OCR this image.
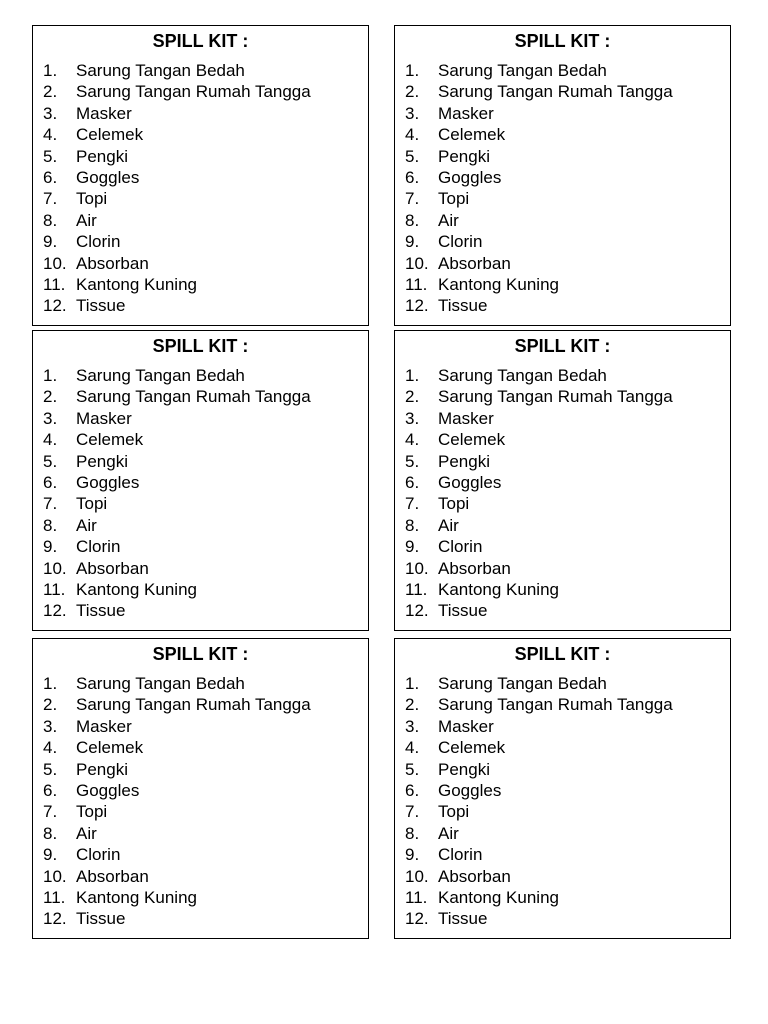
SPILL KIT :
1. Sarung Tangan Bedah
2. Sarung Tangan Rumah Tangga
3. Masker
4. Celemek
5. Pengki
6. Goggles
7. Topi
8. Air
9. Clorin
10. Absorban
11. Kantong Kuning
12. Tissue
SPILL KIT :
1. Sarung Tangan Bedah
2. Sarung Tangan Rumah Tangga
3. Masker
4. Celemek
5. Pengki
6. Goggles
7. Topi
8. Air
9. Clorin
10. Absorban
11. Kantong Kuning
12. Tissue
SPILL KIT :
1. Sarung Tangan Bedah
2. Sarung Tangan Rumah Tangga
3. Masker
4. Celemek
5. Pengki
6. Goggles
7. Topi
8. Air
9. Clorin
10. Absorban
11. Kantong Kuning
12. Tissue
SPILL KIT :
1. Sarung Tangan Bedah
2. Sarung Tangan Rumah Tangga
3. Masker
4. Celemek
5. Pengki
6. Goggles
7. Topi
8. Air
9. Clorin
10. Absorban
11. Kantong Kuning
12. Tissue
SPILL KIT :
1. Sarung Tangan Bedah
2. Sarung Tangan Rumah Tangga
3. Masker
4. Celemek
5. Pengki
6. Goggles
7. Topi
8. Air
9. Clorin
10. Absorban
11. Kantong Kuning
12. Tissue
SPILL KIT :
1. Sarung Tangan Bedah
2. Sarung Tangan Rumah Tangga
3. Masker
4. Celemek
5. Pengki
6. Goggles
7. Topi
8. Air
9. Clorin
10. Absorban
11. Kantong Kuning
12. Tissue
